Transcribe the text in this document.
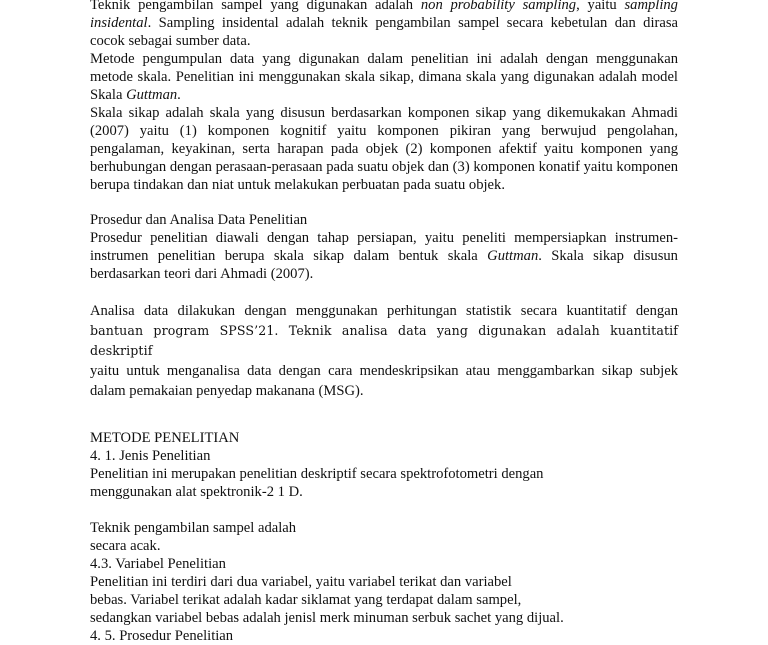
Teknik pengambilan sampel yang digunakan adalah non probability sampling, yaitu sampling
insidental. Sampling insidental adalah teknik pengambilan sampel secara kebetulan dan dirasa
cocok sebagai sumber data.
Metode pengumpulan data yang digunakan dalam penelitian ini adalah dengan menggunakan metode skala. Penelitian ini menggunakan skala sikap, dimana skala yang digunakan adalah model Skala Guttman.
Skala sikap adalah skala yang disusun berdasarkan komponen sikap yang dikemukakan Ahmadi (2007) yaitu (1) komponen kognitif yaitu komponen pikiran yang berwujud pengolahan, pengalaman, keyakinan, serta harapan pada objek (2) komponen afektif yaitu komponen yang berhubungan dengan perasaan-perasaan pada suatu objek dan (3) komponen konatif yaitu komponen berupa tindakan dan niat untuk melakukan perbuatan pada suatu objek.
Prosedur dan Analisa Data Penelitian
Prosedur penelitian diawali dengan tahap persiapan, yaitu peneliti mempersiapkan instrumen-instrumen penelitian berupa skala sikap dalam bentuk skala Guttman. Skala sikap disusun berdasarkan teori dari Ahmadi (2007).
Analisa data dilakukan dengan menggunakan perhitungan statistik secara kuantitatif dengan
bantuan program SPSS’21. Teknik analisa data yang digunakan adalah kuantitatif deskriptif
yaitu untuk menganalisa data dengan cara mendeskripsikan atau menggambarkan sikap subjek
dalam pemakaian penyedap makanana (MSG).
METODE PENELITIAN
4. 1. Jenis Penelitian
Penelitian ini merupakan penelitian deskriptif secara spektrofotometri dengan
menggunakan alat spektronik-2 1 D.

Teknik pengambilan sampel adalah
secara acak.
4.3. Variabel Penelitian
Penelitian ini terdiri dari dua variabel, yaitu variabel terikat dan variabel
bebas. Variabel terikat adalah kadar siklamat yang terdapat dalam sampel,
sedangkan variabel bebas adalah jenisl merk minuman serbuk sachet yang dijual.
4. 5. Prosedur Penelitian
